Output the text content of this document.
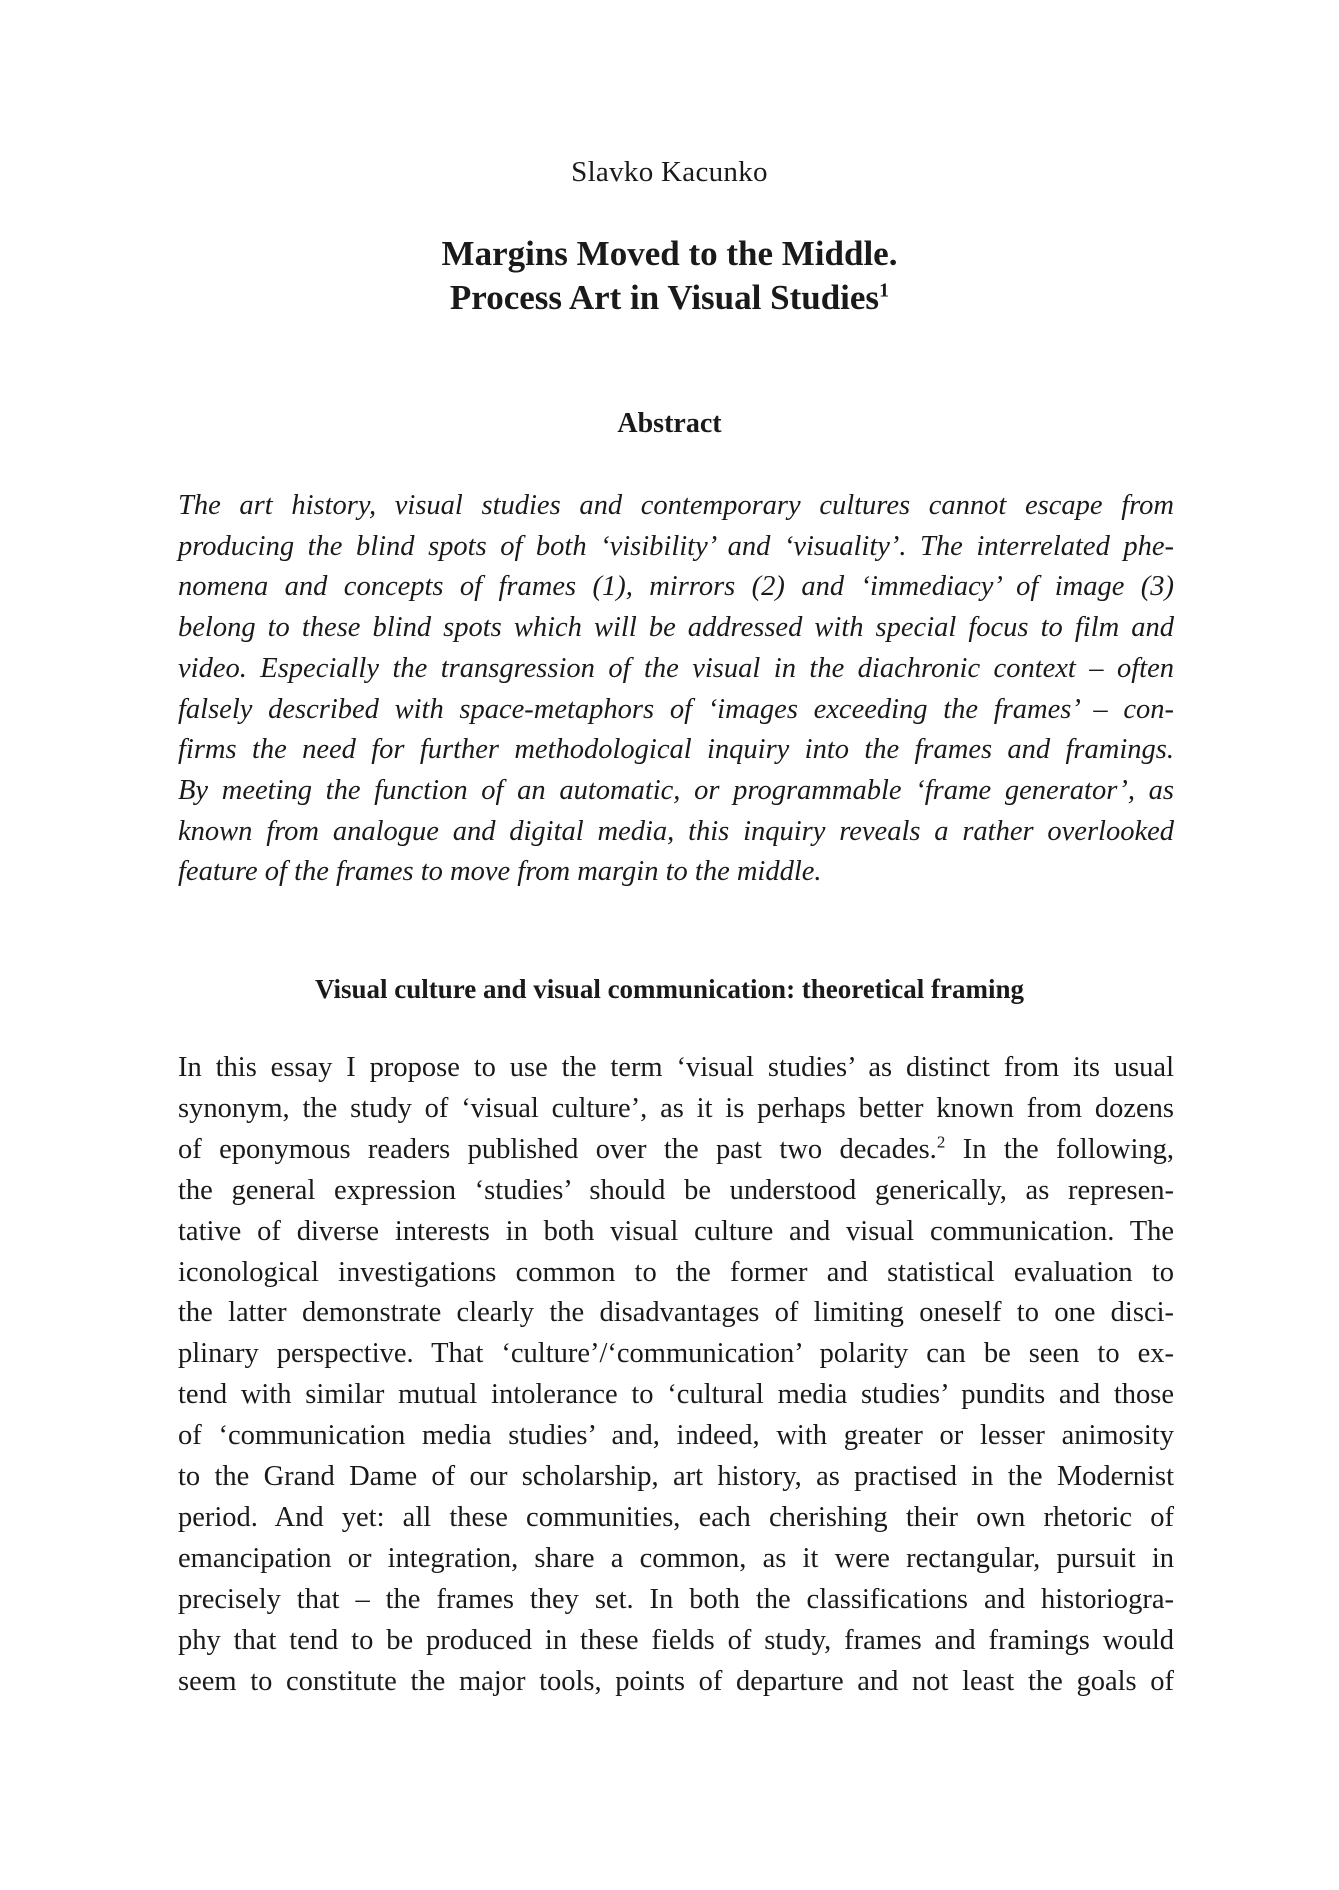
Slavko Kacunko
Margins Moved to the Middle.
Process Art in Visual Studies$^1$
Abstract
The art history, visual studies and contemporary cultures cannot escape from
producing the blind spots of both ‘visibility’ and ‘visuality’. The interrelated phe-
nomena and concepts of frames (1), mirrors (2) and ‘immediacy’ of image (3)
belong to these blind spots which will be addressed with special focus to film and
video. Especially the transgression of the visual in the diachronic context – often
falsely described with space-metaphors of ‘images exceeding the frames’ – con-
firms the need for further methodological inquiry into the frames and framings.
By meeting the function of an automatic, or programmable ‘frame generator’, as
known from analogue and digital media, this inquiry reveals a rather overlooked
feature of the frames to move from margin to the middle.
Visual culture and visual communication: theoretical framing
In this essay I propose to use the term ‘visual studies’ as distinct from its usual
synonym, the study of ‘visual culture’, as it is perhaps better known from dozens
of eponymous readers published over the past two decades.$^2$ In the following,
the general expression ‘studies’ should be understood generically, as represen-
tative of diverse interests in both visual culture and visual communication. The
iconological investigations common to the former and statistical evaluation to
the latter demonstrate clearly the disadvantages of limiting oneself to one disci-
plinary perspective. That ‘culture’/‘communication’ polarity can be seen to ex-
tend with similar mutual intolerance to ‘cultural media studies’ pundits and those
of ‘communication media studies’ and, indeed, with greater or lesser animosity
to the Grand Dame of our scholarship, art history, as practised in the Modernist
period. And yet: all these communities, each cherishing their own rhetoric of
emancipation or integration, share a common, as it were rectangular, pursuit in
precisely that – the frames they set. In both the classifications and historiogra-
phy that tend to be produced in these fields of study, frames and framings would
seem to constitute the major tools, points of departure and not least the goals of
